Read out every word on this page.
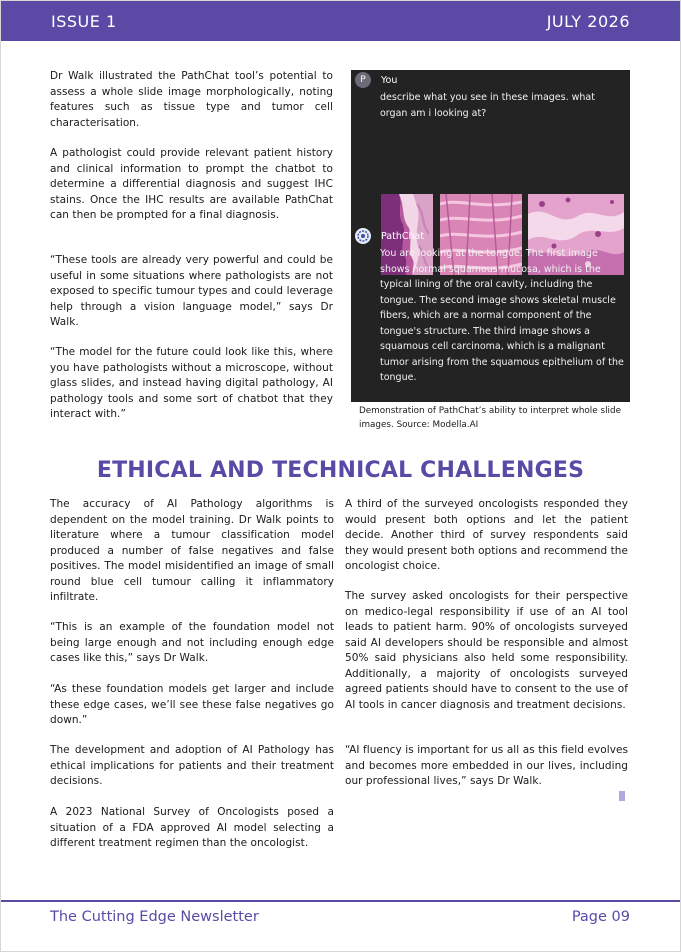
ISSUE 1	JULY 2026

Dr Walk illustrated the PathChat tool’s potential to assess a whole slide image morphologically, noting features such as tissue type and tumor cell characterisation.

A pathologist could provide relevant patient history and clinical information to prompt the chatbot to determine a differential diagnosis and suggest IHC stains. Once the IHC results are available PathChat can then be prompted for a final diagnosis.

“These tools are already very powerful and could be useful in some situations where pathologists are not exposed to specific tumour types and could leverage help through a vision language model,” says Dr Walk.

“The model for the future could look like this, where you have pathologists without a microscope, without glass slides, and instead having digital pathology, AI pathology tools and some sort of chatbot that they interact with.”

P	You
describe what you see in these images. what organ am i looking at?
PathChat
You are looking at the tongue. The first image shows normal squamous mucosa, which is the typical lining of the oral cavity, including the tongue. The second image shows skeletal muscle fibers, which are a normal component of the tongue's structure. The third image shows a squamous cell carcinoma, which is a malignant tumor arising from the squamous epithelium of the tongue.
Demonstration of PathChat’s ability to interpret whole slide images. Source: Modella.AI
ETHICAL AND TECHNICAL CHALLENGES

The accuracy of AI Pathology algorithms is dependent on the model training. Dr Walk points to literature where a tumour classification model produced a number of false negatives and false positives. The model misidentified an image of small round blue cell tumour calling it inflammatory infiltrate.

“This is an example of the foundation model not being large enough and not including enough edge cases like this,” says Dr Walk.

“As these foundation models get larger and include these edge cases, we’ll see these false negatives go down.”

The development and adoption of AI Pathology has ethical implications for patients and their treatment decisions.

A 2023 National Survey of Oncologists posed a situation of a FDA approved AI model selecting a different treatment regimen than the oncologist.

A third of the surveyed oncologists responded they would present both options and let the patient decide. Another third of survey respondents said they would present both options and recommend the oncologist choice.

The survey asked oncologists for their perspective on medico-legal responsibility if use of an AI tool leads to patient harm. 90% of oncologists surveyed said AI developers should be responsible and almost 50% said physicians also held some responsibility. Additionally, a majority of oncologists surveyed agreed patients should have to consent to the use of AI tools in cancer diagnosis and treatment decisions.

“AI fluency is important for us all as this field evolves and becomes more embedded in our lives, including our professional lives,” says Dr Walk.

The Cutting Edge Newsletter	Page 09
